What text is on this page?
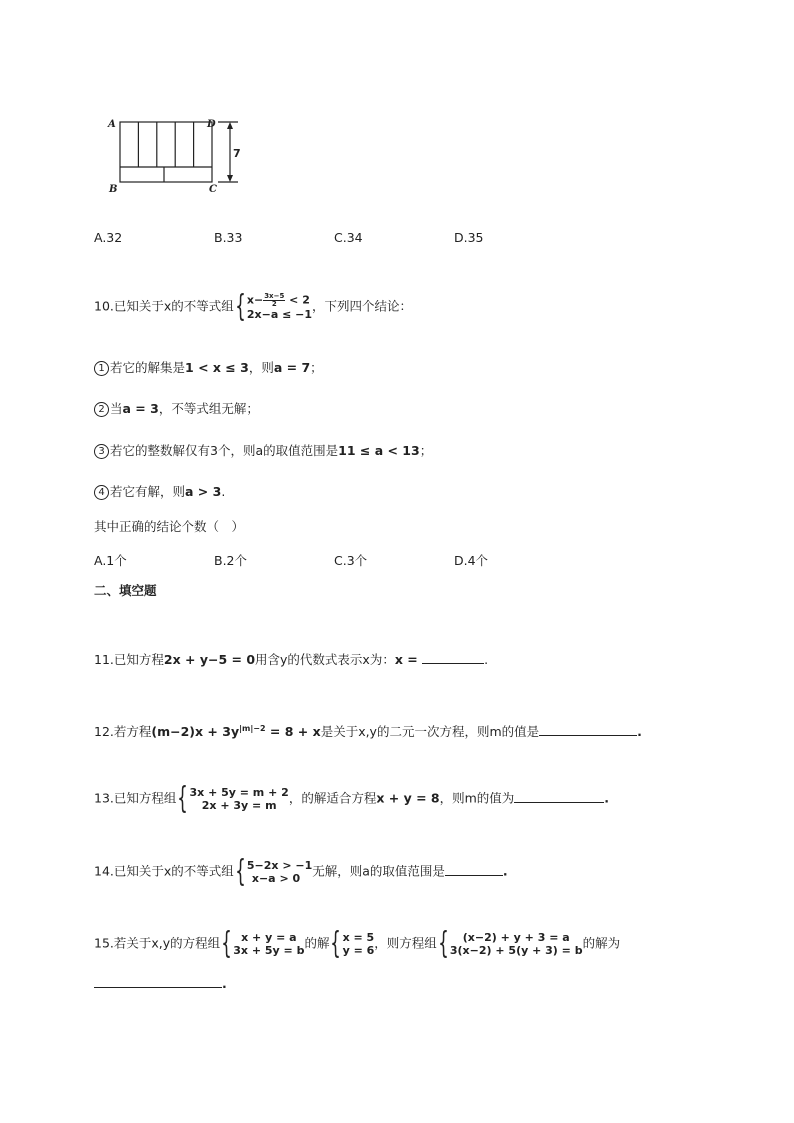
A	D
B	C
7
A.32	B.33	C.34	D.35
10.已知关于x的不等式组{ $x- \frac{3x-5}{2} < 2$
2x−a ≤ −1
，下列四个结论：
1 若它的解集是1 < x ≤ 3，则a = 7；
2 当a = 3，不等式组无解；
3 若它的整数解仅有3个，则a的取值范围是11 ≤ a < 13；
4 若它有解，则a > 3.
其中正确的结论个数（　）
A.1个	B.2个	C.3个	D.4个
二、填空题
11.已知方程2x + y−5 = 0用含y的代数式表示x为：x =	.
12.若方程$(m-2)x + 3y^{|m|-2} = 8 + x$是关于x,y的二元一次方程，则m的值是	.
13.已知方程组{ 3x + 5y = m + 2
2x + 3y = m ，的解适合方程x + y = 8，则m的值为	.
14.已知关于x的不等式组{ 5−2x > −1
x−a > 0 无解，则a的取值范围是	.
15.若关于x,y的方程组{ x + y = a
3x + 5y = b 的解{ x = 5
y = 6 ，则方程组{	(x−2) + y + 3 = a
3(x−2) + 5(y + 3) = b 的解为
.
